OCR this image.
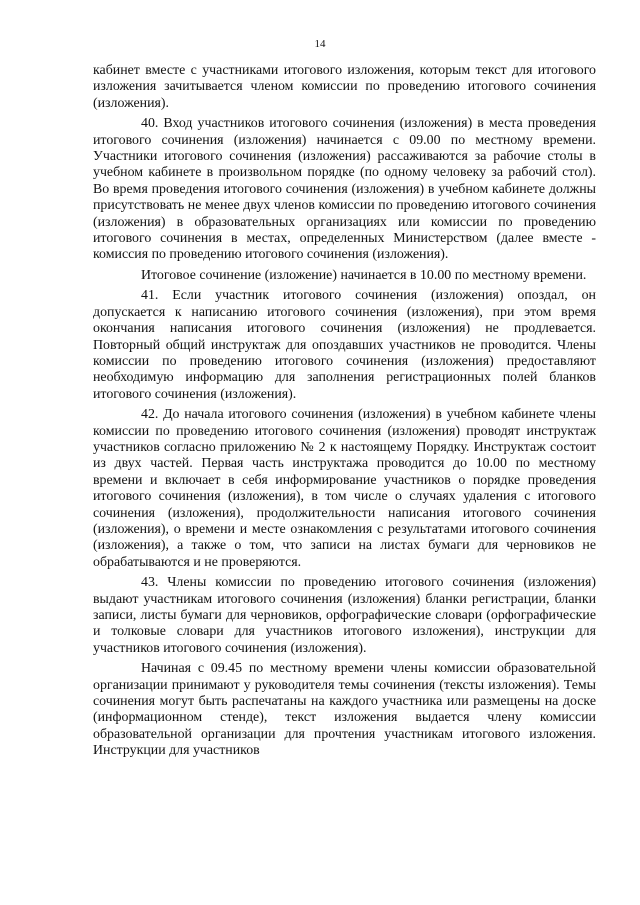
14

кабинет вместе с участниками итогового изложения, которым текст для итогового изложения зачитывается членом комиссии по проведению итогового сочинения (изложения).

40. Вход участников итогового сочинения (изложения) в места проведения итогового сочинения (изложения) начинается с 09.00 по местному времени. Участники итогового сочинения (изложения) рассаживаются за рабочие столы в учебном кабинете в произвольном порядке (по одному человеку за рабочий стол). Во время проведения итогового сочинения (изложения) в учебном кабинете должны присутствовать не менее двух членов комиссии по проведению итогового сочинения (изложения) в образовательных организациях или комиссии по проведению итогового сочинения в местах, определенных Министерством (далее вместе - комиссия по проведению итогового сочинения (изложения).

Итоговое сочинение (изложение) начинается в 10.00 по местному времени.

41. Если участник итогового сочинения (изложения) опоздал, он допускается к написанию итогового сочинения (изложения), при этом время окончания написания итогового сочинения (изложения) не продлевается. Повторный общий инструктаж для опоздавших участников не проводится. Члены комиссии по проведению итогового сочинения (изложения) предоставляют необходимую информацию для заполнения регистрационных полей бланков итогового сочинения (изложения).

42. До начала итогового сочинения (изложения) в учебном кабинете члены комиссии по проведению итогового сочинения (изложения) проводят инструктаж участников согласно приложению № 2 к настоящему Порядку. Инструктаж состоит из двух частей. Первая часть инструктажа проводится до 10.00 по местному времени и включает в себя информирование участников о порядке проведения итогового сочинения (изложения), в том числе о случаях удаления с итогового сочинения (изложения), продолжительности написания итогового сочинения (изложения), о времени и месте ознакомления с результатами итогового сочинения (изложения), а также о том, что записи на листах бумаги для черновиков не обрабатываются и не проверяются.

43. Члены комиссии по проведению итогового сочинения (изложения) выдают участникам итогового сочинения (изложения) бланки регистрации, бланки записи, листы бумаги для черновиков, орфографические словари (орфографические и толковые словари для участников итогового изложения), инструкции для участников итогового сочинения (изложения).

Начиная с 09.45 по местному времени члены комиссии образовательной организации принимают у руководителя темы сочинения (тексты изложения). Темы сочинения могут быть распечатаны на каждого участника или размещены на доске (информационном стенде), текст изложения выдается члену комиссии образовательной организации для прочтения участникам итогового изложения. Инструкции для участников
